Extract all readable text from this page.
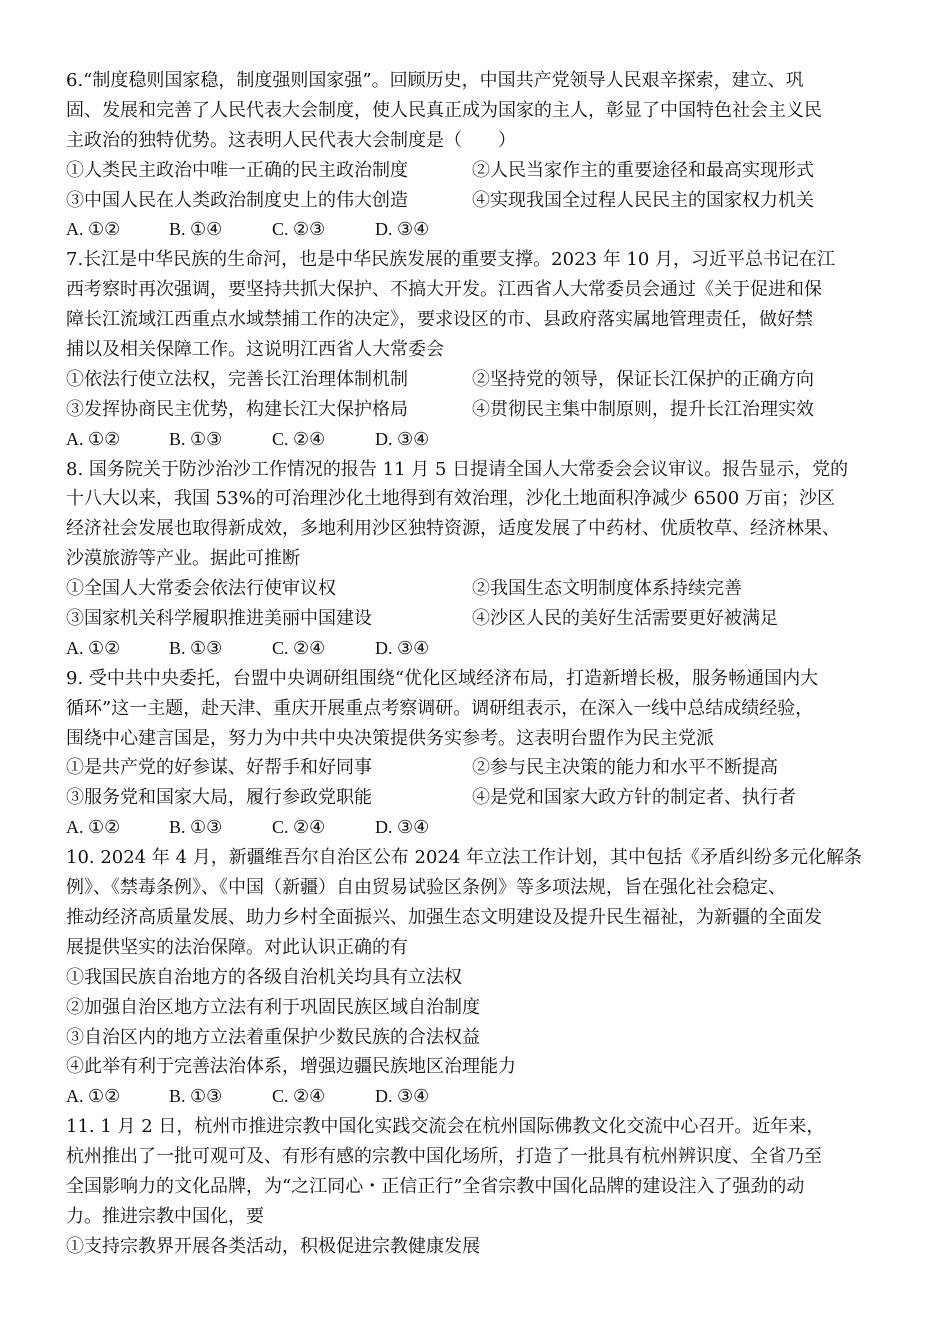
6.“制度稳则国家稳，制度强则国家强”。回顾历史，中国共产党领导人民艰辛探索，建立、巩
固、发展和完善了人民代表大会制度，使人民真正成为国家的主人，彰显了中国特色社会主义民
主政治的独特优势。这表明人民代表大会制度是（　　）
①人类民主政治中唯一正确的民主政治制度	②人民当家作主的重要途径和最高实现形式
③中国人民在人类政治制度史上的伟大创造	④实现我国全过程人民民主的国家权力机关
A. ①②	B. ①④	C. ②③	D. ③④
7.长江是中华民族的生命河，也是中华民族发展的重要支撑。2023 年 10 月，习近平总书记在江
西考察时再次强调，要坚持共抓大保护、不搞大开发。江西省人大常委员会通过《关于促进和保
障长江流域江西重点水域禁捕工作的决定》，要求设区的市、县政府落实属地管理责任，做好禁
捕以及相关保障工作。这说明江西省人大常委会
①依法行使立法权，完善长江治理体制机制	②坚持党的领导，保证长江保护的正确方向
③发挥协商民主优势，构建长江大保护格局	④贯彻民主集中制原则，提升长江治理实效
A. ①②	B. ①③	C. ②④	D. ③④
8. 国务院关于防沙治沙工作情况的报告 11 月 5 日提请全国人大常委会会议审议。报告显示，党的
十八大以来，我国 53%的可治理沙化土地得到有效治理，沙化土地面积净减少 6500 万亩；沙区
经济社会发展也取得新成效，多地利用沙区独特资源，适度发展了中药材、优质牧草、经济林果、
沙漠旅游等产业。据此可推断
①全国人大常委会依法行使审议权	②我国生态文明制度体系持续完善
③国家机关科学履职推进美丽中国建设	④沙区人民的美好生活需要更好被满足
A. ①②	B. ①③	C. ②④	D. ③④
9. 受中共中央委托，台盟中央调研组围绕“优化区域经济布局，打造新增长极，服务畅通国内大
循环”这一主题，赴天津、重庆开展重点考察调研。调研组表示，在深入一线中总结成绩经验，
围绕中心建言国是，努力为中共中央决策提供务实参考。这表明台盟作为民主党派
①是共产党的好参谋、好帮手和好同事	②参与民主决策的能力和水平不断提高
③服务党和国家大局，履行参政党职能	④是党和国家大政方针的制定者、执行者
A. ①②	B. ①③	C. ②④	D. ③④
10. 2024 年 4 月，新疆维吾尔自治区公布 2024 年立法工作计划，其中包括《矛盾纠纷多元化解条
例》、《禁毒条例》、《中国（新疆）自由贸易试验区条例》等多项法规，旨在强化社会稳定、
推动经济高质量发展、助力乡村全面振兴、加强生态文明建设及提升民生福祉，为新疆的全面发
展提供坚实的法治保障。对此认识正确的有
①我国民族自治地方的各级自治机关均具有立法权
②加强自治区地方立法有利于巩固民族区域自治制度
③自治区内的地方立法着重保护少数民族的合法权益
④此举有利于完善法治体系，增强边疆民族地区治理能力
A. ①②	B. ①③	C. ②④	D. ③④
11. 1 月 2 日，杭州市推进宗教中国化实践交流会在杭州国际佛教文化交流中心召开。近年来，
杭州推出了一批可观可及、有形有感的宗教中国化场所，打造了一批具有杭州辨识度、全省乃至
全国影响力的文化品牌，为“之江同心・正信正行”全省宗教中国化品牌的建设注入了强劲的动
力。推进宗教中国化，要
①支持宗教界开展各类活动，积极促进宗教健康发展
